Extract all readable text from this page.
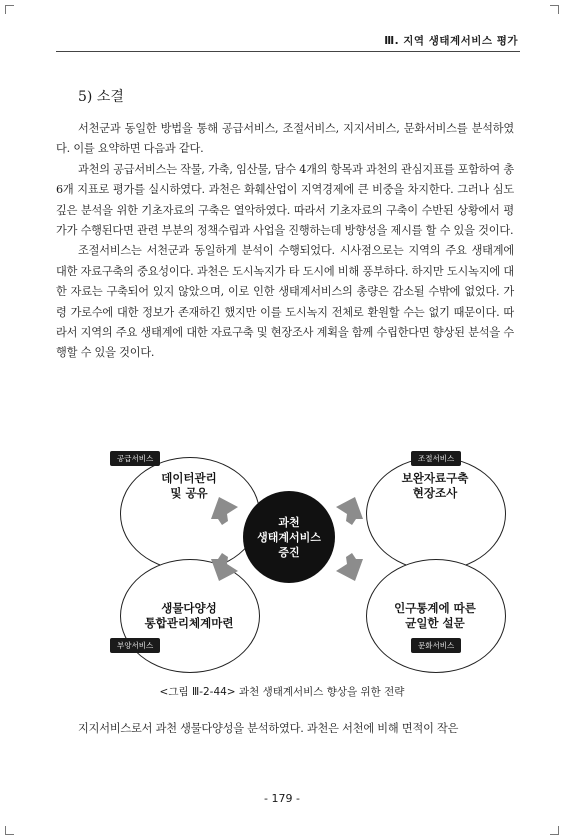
Ⅲ. 지역 생태계서비스 평가
5) 소결

서천군과 동일한 방법을 통해 공급서비스, 조절서비스, 지지서비스, 문화서비스를 분석하였다. 이를 요약하면 다음과 같다.

과천의 공급서비스는 작물, 가축, 임산물, 담수 4개의 항목과 과천의 관심지표를 포함하여 총 6개 지표로 평가를 실시하였다. 과천은 화훼산업이 지역경제에 큰 비중을 차지한다. 그러나 심도 깊은 분석을 위한 기초자료의 구축은 열악하였다. 따라서 기초자료의 구축이 수반된 상황에서 평가가 수행된다면 관련 부분의 정책수립과 사업을 진행하는데 방향성을 제시를 할 수 있을 것이다.

조절서비스는 서천군과 동일하게 분석이 수행되었다. 시사점으로는 지역의 주요 생태계에 대한 자료구축의 중요성이다. 과천은 도시녹지가 타 도시에 비해 풍부하다. 하지만 도시녹지에 대한 자료는 구축되어 있지 않았으며, 이로 인한 생태계서비스의 총량은 감소될 수밖에 없었다. 가령 가로수에 대한 정보가 존재하긴 했지만 이를 도시녹지 전체로 환원할 수는 없기 때문이다. 따라서 지역의 주요 생태계에 대한 자료구축 및 현장조사 계획을 함께 수립한다면 향상된 분석을 수행할 수 있을 것이다.

공급서비스
데이터관리
및 공유
조절서비스
보완자료구축
현장조사
부양서비스
생물다양성
통합관리체계마련
문화서비스
인구통계에 따른
균일한 설문
과천
생태계서비스
증진
<그림 Ⅲ-2-44> 과천 생태계서비스 향상을 위한 전략
지지서비스로서 과천 생물다양성을 분석하였다. 과천은 서천에 비해 면적이 작은
- 179 -
